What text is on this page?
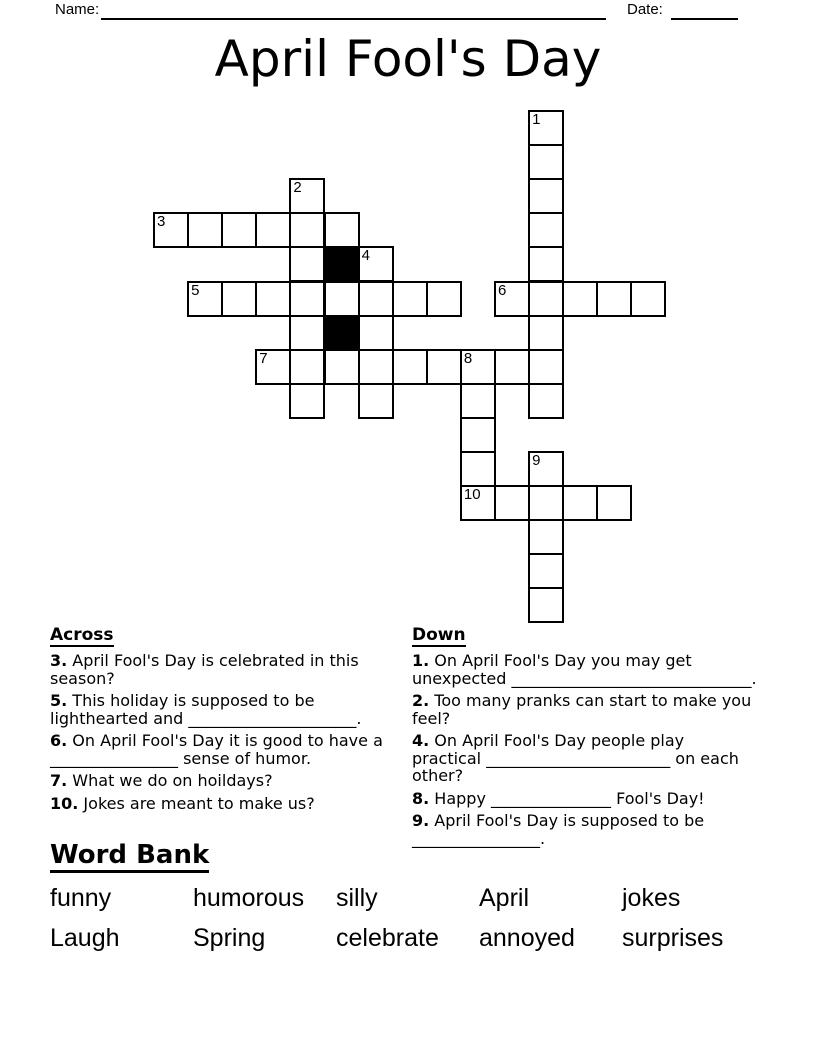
Name:	Date:
April Fool's Day
1
2
3
4
5	6
7	8
9
10
Across
3. April Fool's Day is celebrated in this season?
5. This holiday is supposed to be lighthearted and _____________________.
6. On April Fool's Day it is good to have a ________________ sense of humor.
7. What we do on hoildays?
10. Jokes are meant to make us?
Down
1. On April Fool's Day you may get unexpected ______________________________.
2. Too many pranks can start to make you feel?
4. On April Fool's Day people play practical _______________________ on each other?
8. Happy _______________ Fool's Day!
9. April Fool's Day is supposed to be ________________.
Word Bank
funny	humorous	silly	April	jokes
Laugh	Spring	celebrate	annoyed	surprises
